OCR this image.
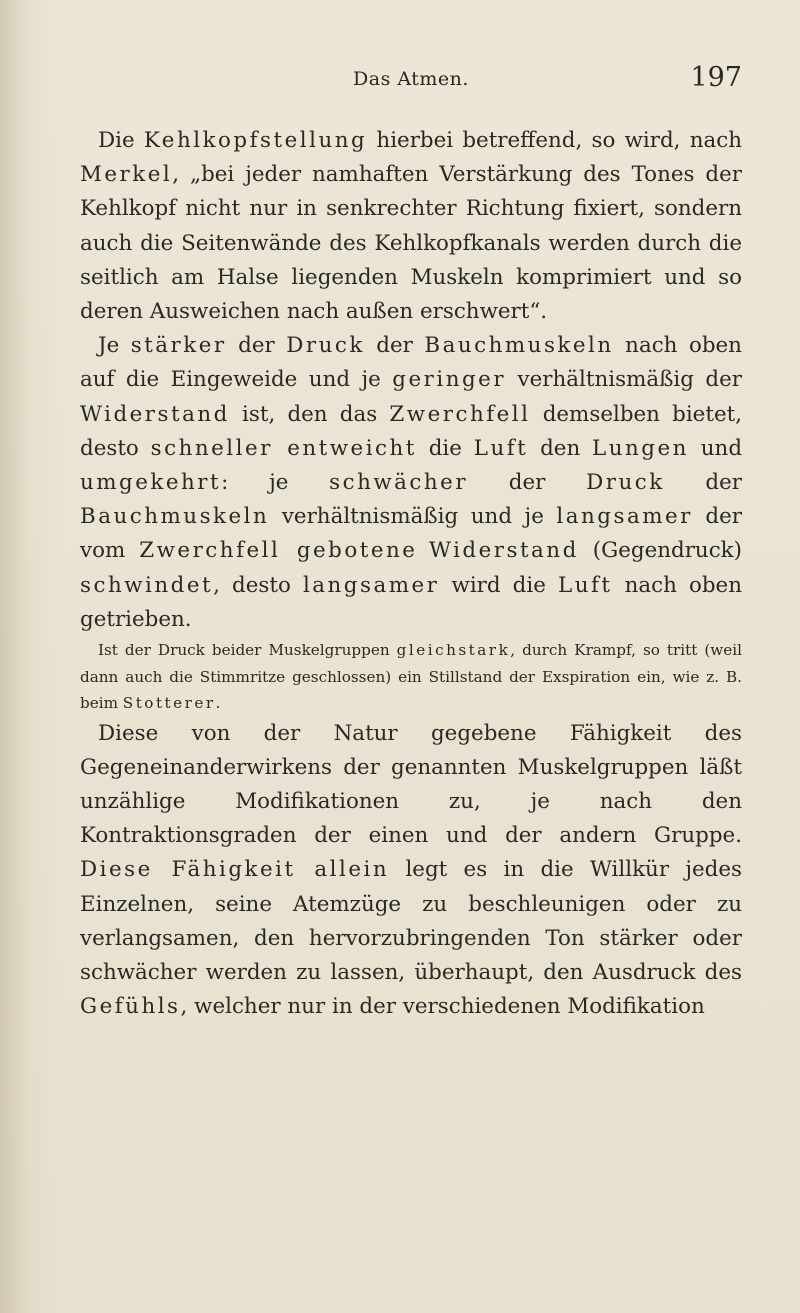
Das Atmen.	197

Die Kehlkopfstellung hierbei betreffend, so wird, nach Merkel, „bei jeder namhaften Verstärkung des Tones der Kehlkopf nicht nur in senkrechter Richtung fixiert, sondern auch die Seitenwände des Kehlkopfkanals werden durch die seitlich am Halse liegenden Muskeln komprimiert und so deren Ausweichen nach außen erschwert“.

Je stärker der Druck der Bauchmuskeln nach oben auf die Eingeweide und je geringer verhältnismäßig der Widerstand ist, den das Zwerchfell demselben bietet, desto schneller entweicht die Luft den Lungen und umgekehrt: je schwächer der Druck der Bauchmuskeln verhältnismäßig und je langsamer der vom Zwerchfell gebotene Widerstand (Gegendruck) schwindet, desto langsamer wird die Luft nach oben getrieben.

Ist der Druck beider Muskelgruppen gleichstark, durch Krampf, so tritt (weil dann auch die Stimmritze geschlossen) ein Stillstand der Exspiration ein, wie z. B. beim Stotterer.

Diese von der Natur gegebene Fähigkeit des Gegeneinanderwirkens der genannten Muskelgruppen läßt unzählige Modifikationen zu, je nach den Kontraktionsgraden der einen und der andern Gruppe. Diese Fähigkeit allein legt es in die Willkür jedes Einzelnen, seine Atemzüge zu beschleunigen oder zu verlangsamen, den hervorzubringenden Ton stärker oder schwächer werden zu lassen, überhaupt, den Ausdruck des Gefühls, welcher nur in der verschiedenen Modifikation
